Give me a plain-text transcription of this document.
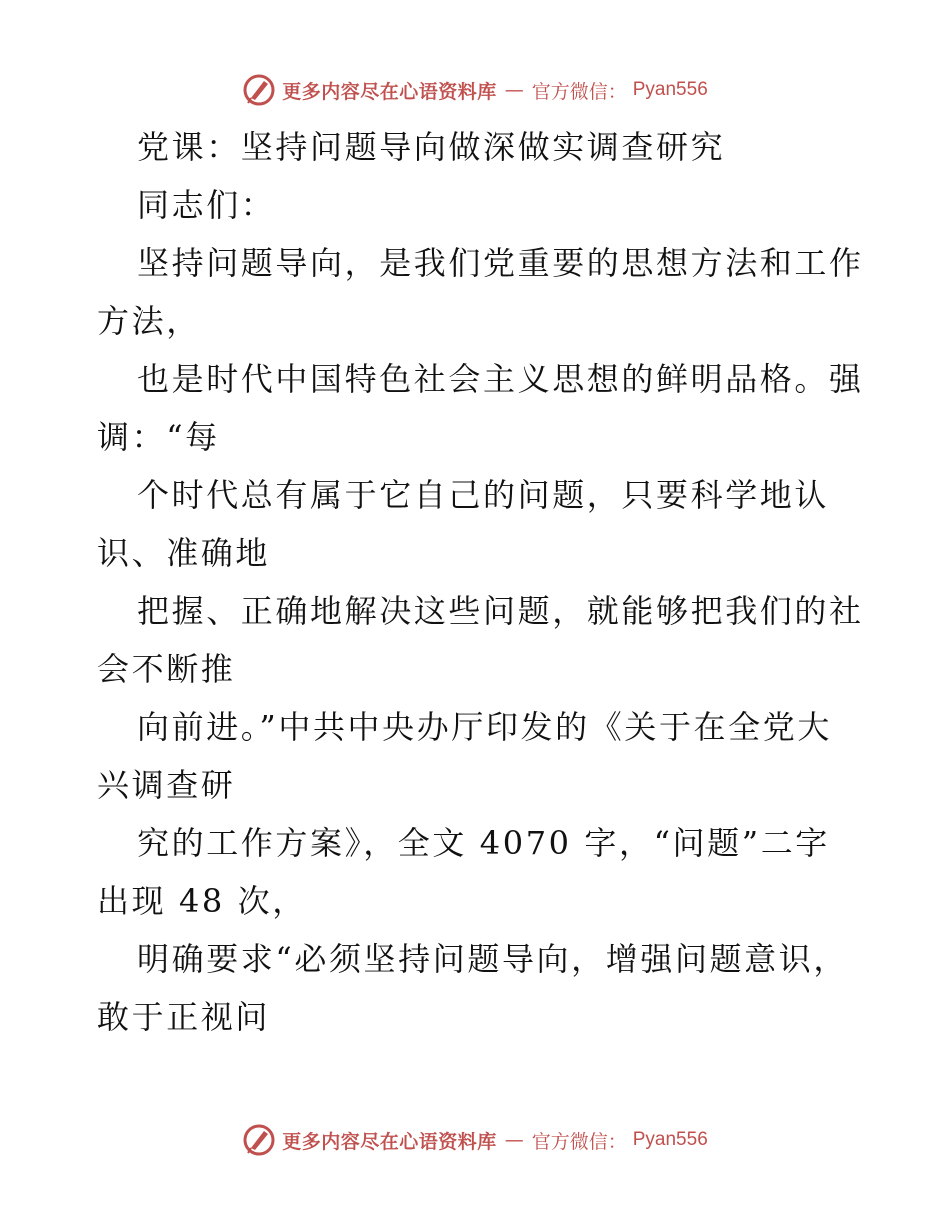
更多内容尽在心语资料库 — 官方微信： Pyan556
党课：坚持问题导向做深做实调查研究
同志们：
坚持问题导向，是我们党重要的思想方法和工作
方法，
也是时代中国特色社会主义思想的鲜明品格。强
调：“每
个时代总有属于它自己的问题，只要科学地认
识、准确地
把握、正确地解决这些问题，就能够把我们的社
会不断推
向前进。”中共中央办厅印发的《关于在全党大
兴调查研
究的工作方案》，全文 4070 字，“问题”二字
出现 48 次，
明确要求“必须坚持问题导向，增强问题意识，
敢于正视问
更多内容尽在心语资料库 — 官方微信： Pyan556
